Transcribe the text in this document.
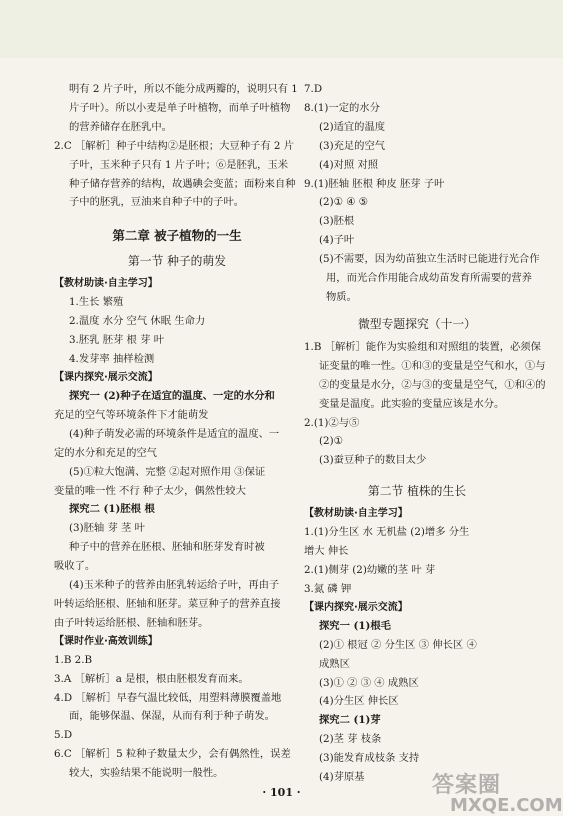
明有 2 片子叶，所以不能分成两瓣的，说明只有 1
片子叶）。所以小麦是单子叶植物，而单子叶植物
的营养储存在胚乳中。
2.C ［解析］种子中结构②是胚根；大豆种子有 2 片
子叶，玉米种子只有 1 片子叶；⑥是胚乳，玉米
种子储存营养的结构，故遇碘会变蓝；面粉来自种
子中的胚乳，豆油来自种子中的子叶。
第二章 被子植物的一生
第一节 种子的萌发
【教材助读·自主学习】
1.生长 繁殖
2.温度 水分 空气 休眠 生命力
3.胚乳 胚芽 根 芽 叶
4.发芽率 抽样检测
【课内探究·展示交流】
探究一 (2)种子在适宜的温度、一定的水分和
充足的空气等环境条件下才能萌发
(4)种子萌发必需的环境条件是适宜的温度、一
定的水分和充足的空气
(5)①粒大饱满、完整 ②起对照作用 ③保证
变量的唯一性 不行 种子太少，偶然性较大
探究二 (1)胚根 根
(3)胚轴 芽 茎 叶
种子中的营养在胚根、胚轴和胚芽发育时被
吸收了。
(4)玉米种子的营养由胚乳转运给子叶，再由子
叶转运给胚根、胚轴和胚芽。菜豆种子的营养直接
由子叶转运给胚根、胚轴和胚芽。
【课时作业·高效训练】
1.B 2.B
3.A ［解析］a 是根，根由胚根发育而来。
4.D ［解析］早春气温比较低，用塑料薄膜覆盖地
面，能够保温、保湿，从而有利于种子萌发。
5.D
6.C ［解析］5 粒种子数量太少，会有偶然性，误差
较大，实验结果不能说明一般性。
7.D
8.(1)一定的水分
(2)适宜的温度
(3)充足的空气
(4)对照 对照
9.(1)胚轴 胚根 种皮 胚芽 子叶
(2)① ④ ⑤
(3)胚根
(4)子叶
(5)不需要，因为幼苗独立生活时已能进行光合作
用，而光合作用能合成幼苗发育所需要的营养
物质。
微型专题探究（十一）
1.B ［解析］能作为实验组和对照组的装置，必须保
证变量的唯一性。①和③的变量是空气和水，①与
②的变量是水分，②与③的变量是空气，①和④的
变量是温度。此实验的变量应该是水分。
2.(1)②与⑤
(2)①
(3)蚕豆种子的数目太少
第二节 植株的生长
【教材助读·自主学习】
1.(1)分生区 水 无机盐 (2)增多 分生
增大 伸长
2.(1)侧芽 (2)幼嫩的茎 叶 芽
3.氮 磷 钾
【课内探究·展示交流】
探究一 (1)根毛
(2)① 根冠 ② 分生区 ③ 伸长区 ④
成熟区
(3)① ② ③ ④ 成熟区
(4)分生区 伸长区
探究二 (1)芽
(2)茎 芽 枝条
(3)能发育成枝条 支持
(4)芽原基	答案圈
MXQE.COM
· 101 ·
